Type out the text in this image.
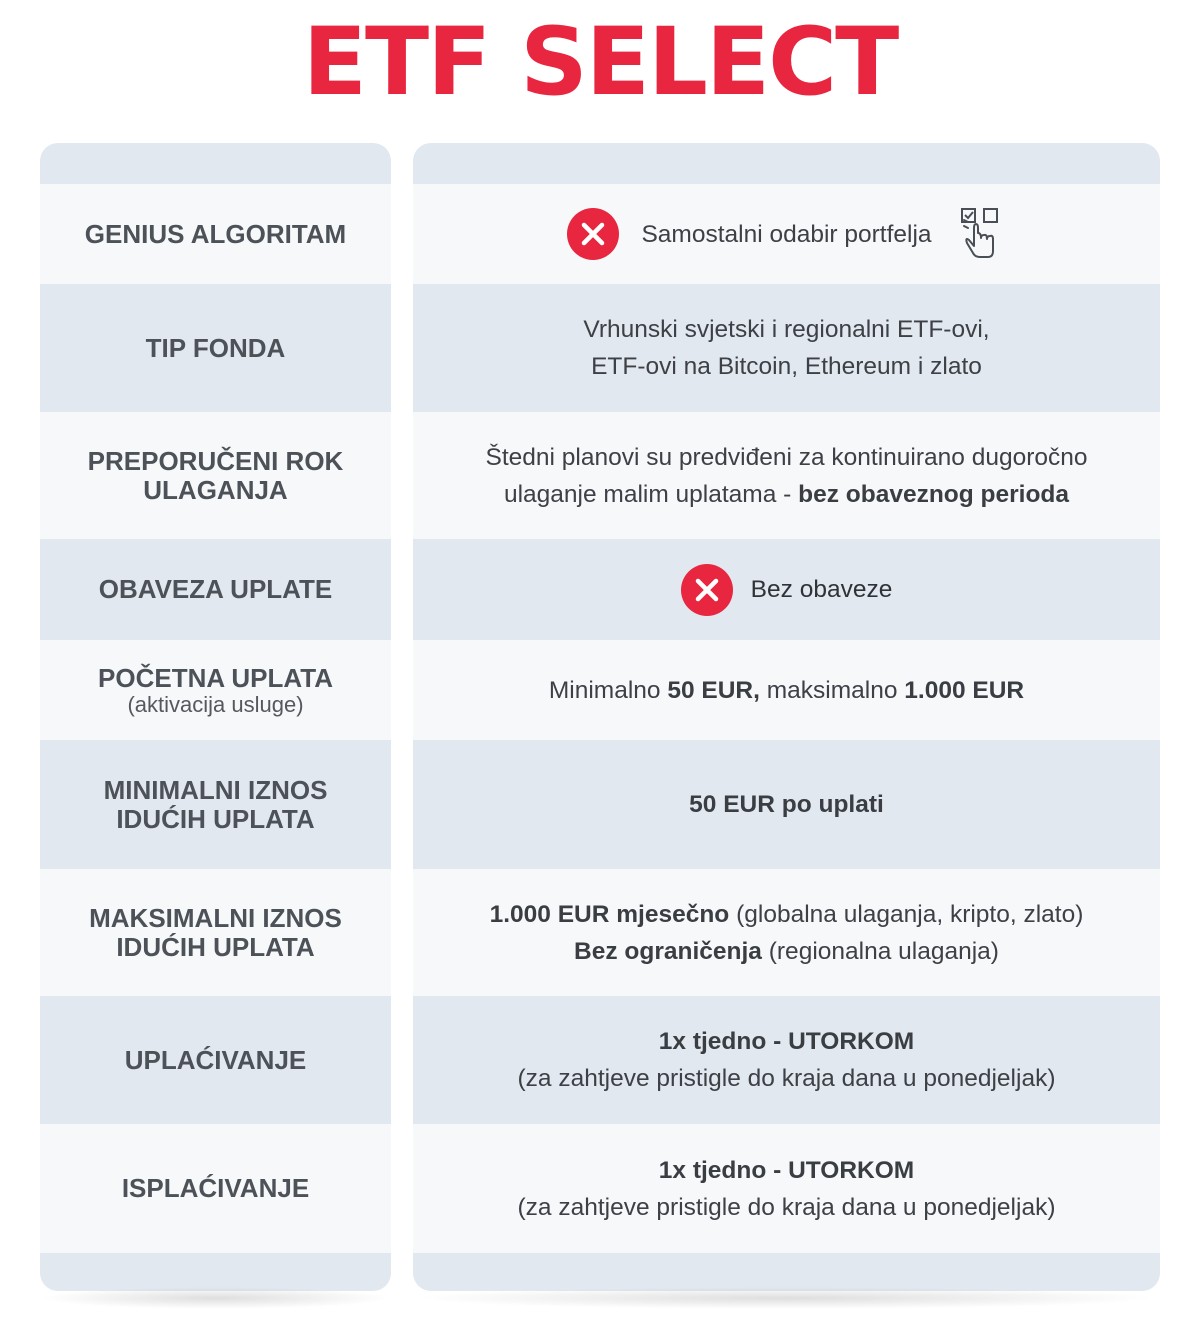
ETF SELECT
GENIUS ALGORITAM
TIP FONDA
PREPORUČENI ROK
ULAGANJA
OBAVEZA UPLATE
POČETNA UPLATA
(aktivacija usluge)
MINIMALNI IZNOS
IDUĆIH UPLATA
MAKSIMALNI IZNOS
IDUĆIH UPLATA
UPLAĆIVANJE
ISPLAĆIVANJE
Samostalni odabir portfelja
Vrhunski svjetski i regionalni ETF-ovi,
ETF-ovi na Bitcoin, Ethereum i zlato
Štedni planovi su predviđeni za kontinuirano dugoročno
ulaganje malim uplatama - bez obaveznog perioda
Bez obaveze
Minimalno 50 EUR, maksimalno 1.000 EUR
50 EUR po uplati
1.000 EUR mjesečno (globalna ulaganja, kripto, zlato)
Bez ograničenja (regionalna ulaganja)
1x tjedno - UTORKOM
(za zahtjeve pristigle do kraja dana u ponedjeljak)
1x tjedno - UTORKOM
(za zahtjeve pristigle do kraja dana u ponedjeljak)
